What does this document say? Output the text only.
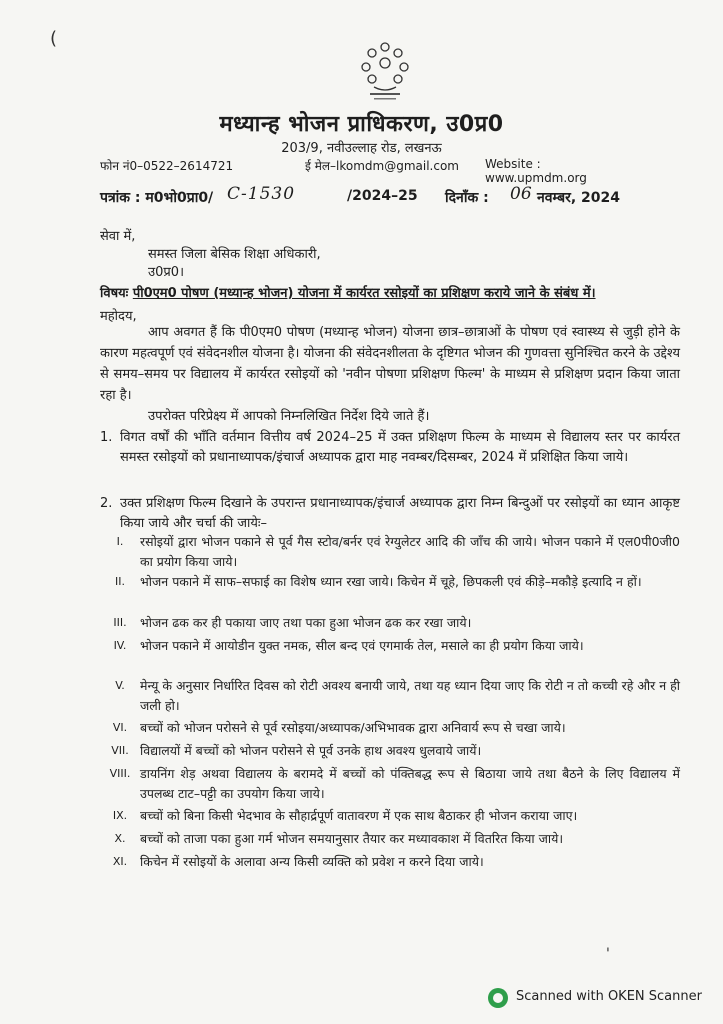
(
'
मध्यान्ह भोजन प्राधिकरण, उ0प्र0
203/9, नवीउल्लाह रोड, लखनऊ
फोन नं0–0522–2614721	ई मेल–lkomdm@gmail.com Website : www.upmdm.org
पत्रांक : म0भो0प्रा0/ C-1530	/2024–25 दिनाँक : 06 नवम्बर, 2024
सेवा में,
समस्त जिला बेसिक शिक्षा अधिकारी,
उ0प्र0।
विषयः पी0एम0 पोषण (मध्यान्ह भोजन) योजना में कार्यरत रसोइयों का प्रशिक्षण कराये जाने के संबंध में।
महोदय,
आप अवगत हैं कि पी0एम0 पोषण (मध्यान्ह भोजन) योजना छात्र–छात्राओं के पोषण एवं स्वास्थ्य से जुड़ी होने के कारण महत्वपूर्ण एवं संवेदनशील योजना है। योजना की संवेदनशीलता के दृष्टिगत भोजन की गुणवत्ता सुनिश्चित करने के उद्देश्य से समय–समय पर विद्यालय में कार्यरत रसोइयों को 'नवीन पोषणा प्रशिक्षण फिल्म' के माध्यम से प्रशिक्षण प्रदान किया जाता रहा है।
उपरोक्त परिप्रेक्ष्य में आपको निम्नलिखित निर्देश दिये जाते हैं।
1. विगत वर्षों की भाँति वर्तमान वित्तीय वर्ष 2024–25 में उक्त प्रशिक्षण फिल्म के माध्यम से विद्यालय स्तर पर कार्यरत समस्त रसोइयों को प्रधानाध्यापक/इंचार्ज अध्यापक द्वारा माह नवम्बर/दिसम्बर, 2024 में प्रशिक्षित किया जाये।
2. उक्त प्रशिक्षण फिल्म दिखाने के उपरान्त प्रधानाध्यापक/इंचार्ज अध्यापक द्वारा निम्न बिन्दुओं पर रसोइयों का ध्यान आकृष्ट किया जाये और चर्चा की जायेः–
I.	रसोइयों द्वारा भोजन पकाने से पूर्व गैस स्टोव/बर्नर एवं रेग्युलेटर आदि की जाँच की जाये। भोजन पकाने में एल0पी0जी0 का प्रयोग किया जाये।
II.	भोजन पकाने में साफ–सफाई का विशेष ध्यान रखा जाये। किचेन में चूहे, छिपकली एवं कीड़े–मकौड़े इत्यादि न हों।
III.	भोजन ढक कर ही पकाया जाए तथा पका हुआ भोजन ढक कर रखा जाये।
IV.	भोजन पकाने में आयोडीन युक्त नमक, सील बन्द एवं एगमार्क तेल, मसाले का ही प्रयोग किया जाये।
V.	मेन्यू के अनुसार निर्धारित दिवस को रोटी अवश्य बनायी जाये, तथा यह ध्यान दिया जाए कि रोटी न तो कच्ची रहे और न ही जली हो।
VI.	बच्चों को भोजन परोसने से पूर्व रसोइया/अध्यापक/अभिभावक द्वारा अनिवार्य रूप से चखा जाये।
VII. विद्यालयों में बच्चों को भोजन परोसने से पूर्व उनके हाथ अवश्य धुलवाये जायें।
VIII. डायनिंग शेड़ अथवा विद्यालय के बरामदे में बच्चों को पंक्तिबद्ध रूप से बिठाया जाये तथा बैठने के लिए विद्यालय में उपलब्ध टाट–पट्टी का उपयोग किया जाये।
IX.	बच्चों को बिना किसी भेदभाव के सौहार्द्रपूर्ण वातावरण में एक साथ बैठाकर ही भोजन कराया जाए।
X.	बच्चों को ताजा पका हुआ गर्म भोजन समयानुसार तैयार कर मध्यावकाश में वितरित किया जाये।
XI.	किचेन में रसोइयों के अलावा अन्य किसी व्यक्ति को प्रवेश न करने दिया जाये।
Scanned with OKEN Scanner
